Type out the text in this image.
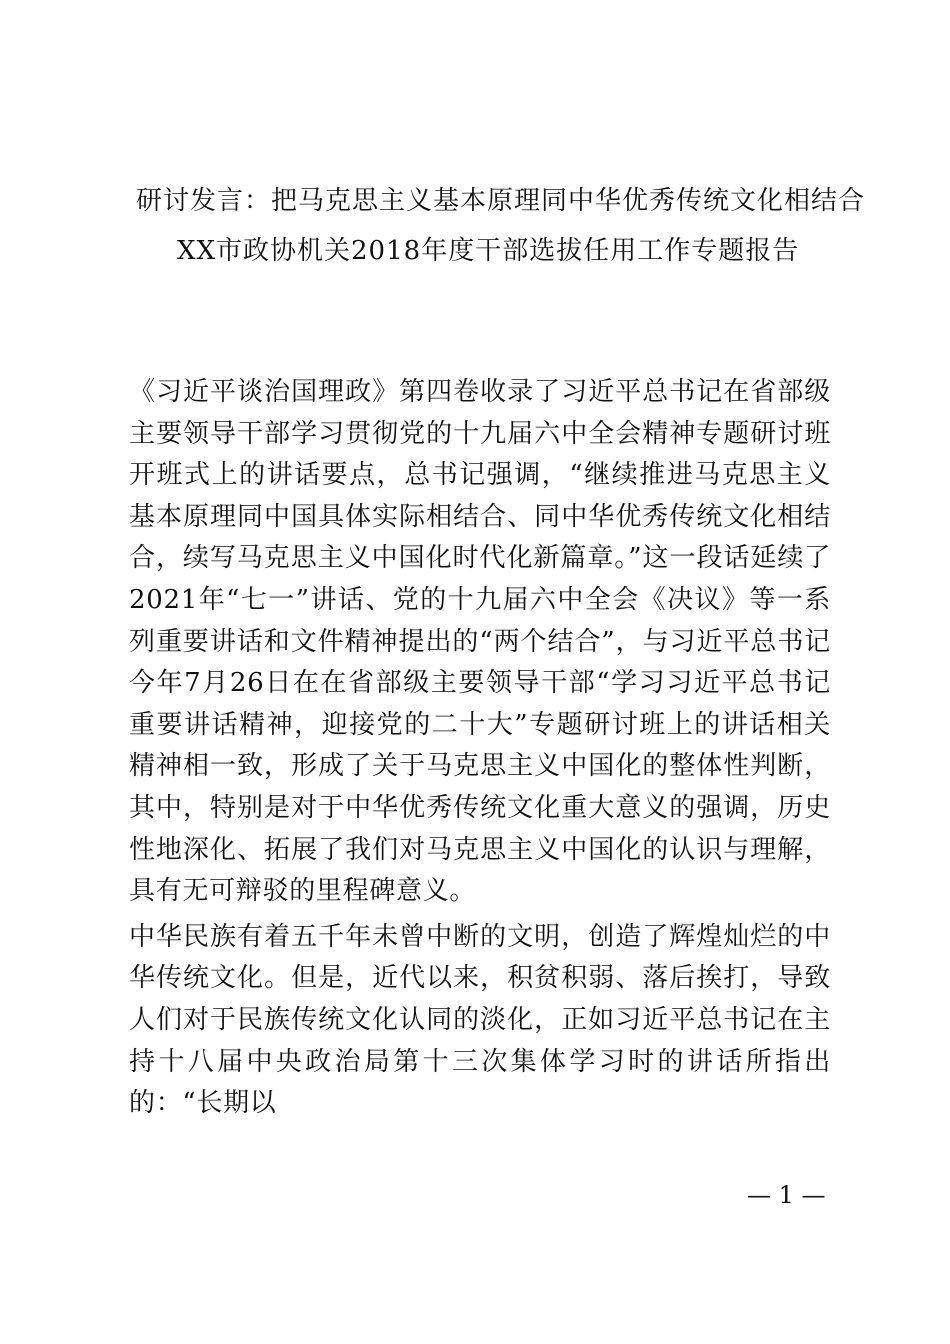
研讨发言：把马克思主义基本原理同中华优秀传统文化相结合
XX市政协机关2018年度干部选拔任用工作专题报告

《习近平谈治国理政》第四卷收录了习近平总书记在省部级主要领导干部学习贯彻党的十九届六中全会精神专题研讨班开班式上的讲话要点，总书记强调，“继续推进马克思主义基本原理同中国具体实际相结合、同中华优秀传统文化相结合，续写马克思主义中国化时代化新篇章。”这一段话延续了2021年“七一”讲话、党的十九届六中全会《决议》等一系列重要讲话和文件精神提出的“两个结合”，与习近平总书记今年7月26日在在省部级主要领导干部“学习习近平总书记重要讲话精神，迎接党的二十大”专题研讨班上的讲话相关精神相一致，形成了关于马克思主义中国化的整体性判断，其中，特别是对于中华优秀传统文化重大意义的强调，历史性地深化、拓展了我们对马克思主义中国化的认识与理解，具有无可辩驳的里程碑意义。

中华民族有着五千年未曾中断的文明，创造了辉煌灿烂的中华传统文化。但是，近代以来，积贫积弱、落后挨打，导致人们对于民族传统文化认同的淡化，正如习近平总书记在主持十八届中央政治局第十三次集体学习时的讲话所指出的：“长期以

— 1 —
